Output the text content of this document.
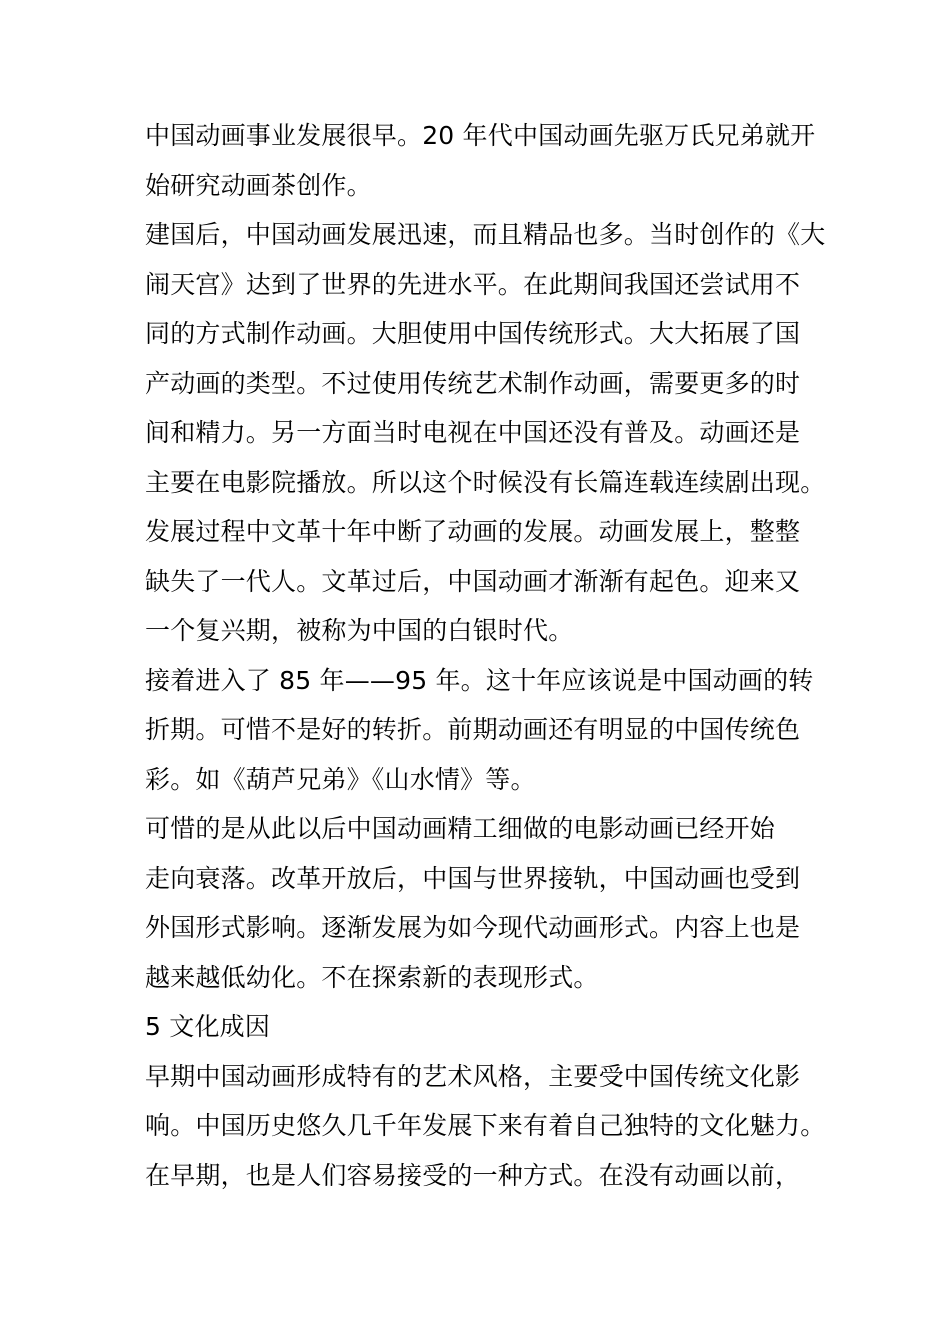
中国动画事业发展很早。20 年代中国动画先驱万氏兄弟就开
始研究动画茶创作。
建国后，中国动画发展迅速，而且精品也多。当时创作的《大
闹天宫》达到了世界的先进水平。在此期间我国还尝试用不
同的方式制作动画。大胆使用中国传统形式。大大拓展了国
产动画的类型。不过使用传统艺术制作动画，需要更多的时
间和精力。另一方面当时电视在中国还没有普及。动画还是
主要在电影院播放。所以这个时候没有长篇连载连续剧出现。
发展过程中文革十年中断了动画的发展。动画发展上，整整
缺失了一代人。文革过后，中国动画才渐渐有起色。迎来又
一个复兴期，被称为中国的白银时代。
接着进入了 85 年——95 年。这十年应该说是中国动画的转
折期。可惜不是好的转折。前期动画还有明显的中国传统色
彩。如《葫芦兄弟》《山水情》等。
可惜的是从此以后中国动画精工细做的电影动画已经开始
走向衰落。改革开放后，中国与世界接轨，中国动画也受到
外国形式影响。逐渐发展为如今现代动画形式。内容上也是
越来越低幼化。不在探索新的表现形式。
5 文化成因
早期中国动画形成特有的艺术风格，主要受中国传统文化影
响。中国历史悠久几千年发展下来有着自己独特的文化魅力。
在早期，也是人们容易接受的一种方式。在没有动画以前，
